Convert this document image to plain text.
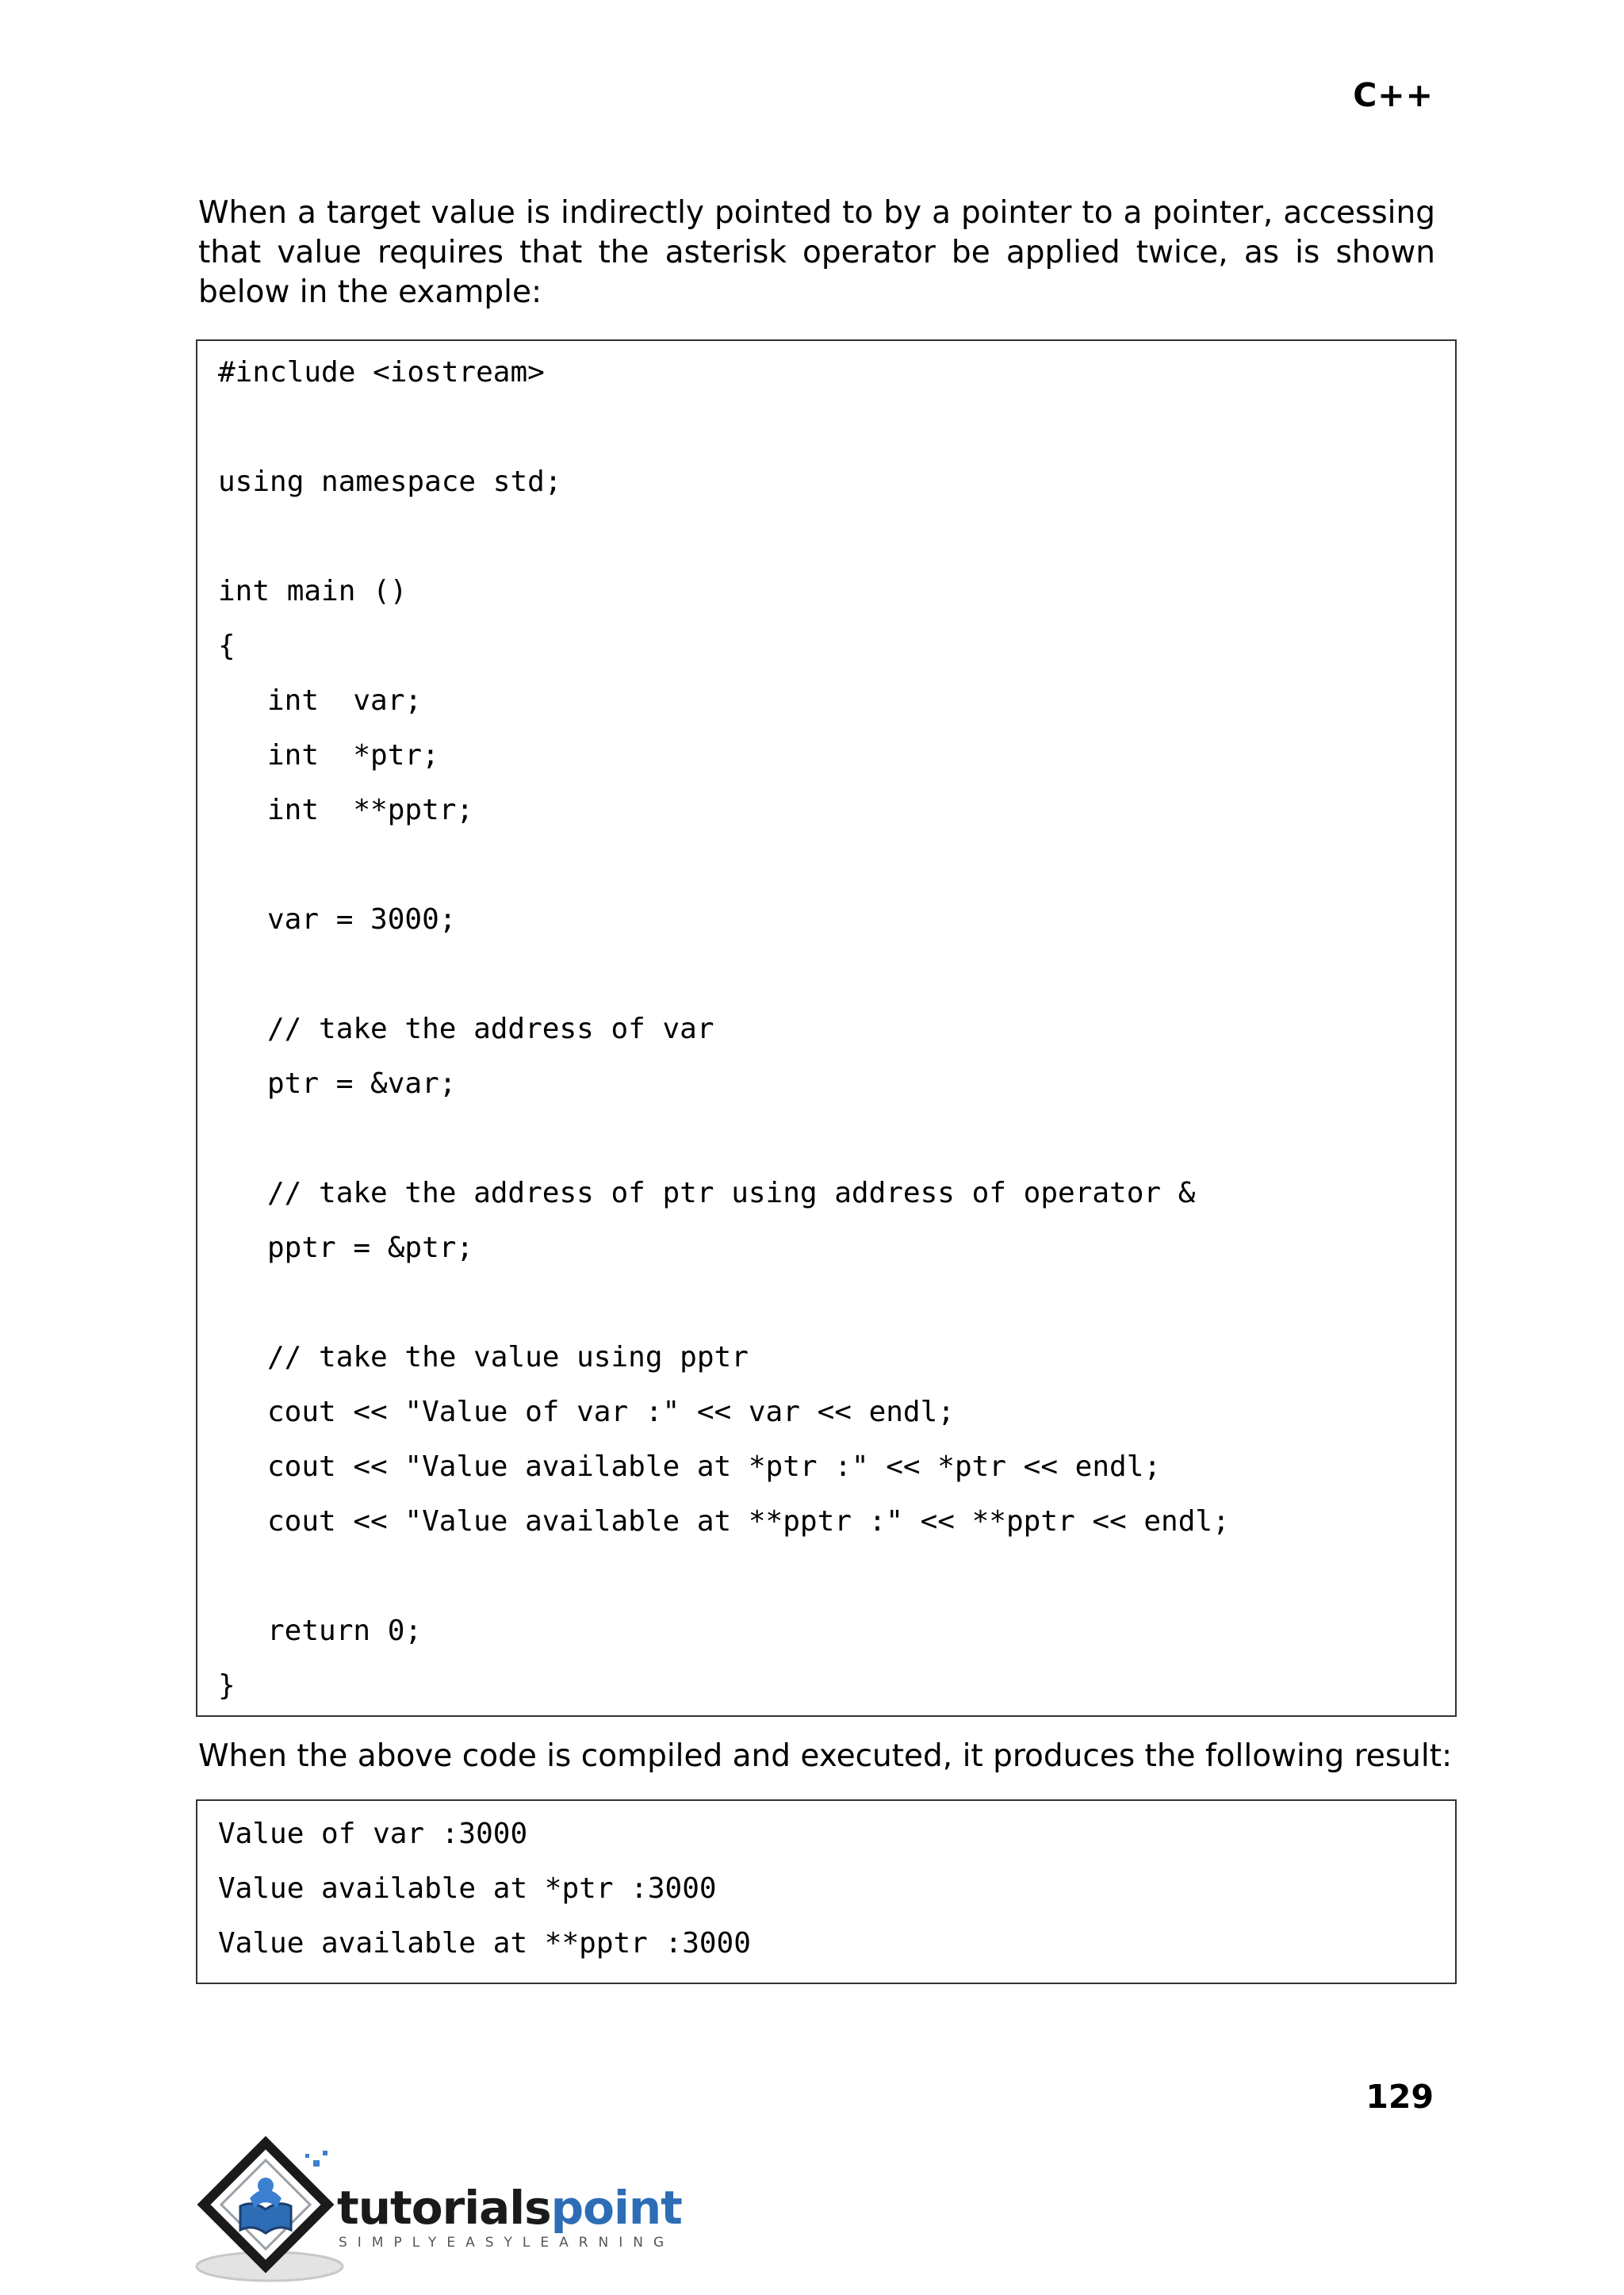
C++

When a target value is indirectly pointed to by a pointer to a pointer, accessing that value requires that the asterisk operator be applied twice, as is shown below in the example:

#include <iostream>
using namespace std;
int main ()
{
int  var;
int  *ptr;
int  **pptr;
var = 3000;
// take the address of var
ptr = &var;
// take the address of ptr using address of operator &
pptr = &ptr;
// take the value using pptr
cout << "Value of var :" << var << endl;
cout << "Value available at *ptr :" << *ptr << endl;
cout << "Value available at **pptr :" << **pptr << endl;
return 0;
}
When the above code is compiled and executed, it produces the following result:
Value of var :3000
Value available at *ptr :3000
Value available at **pptr :3000
129
tutorialspoint
SIMPLYEASYLEARNING
